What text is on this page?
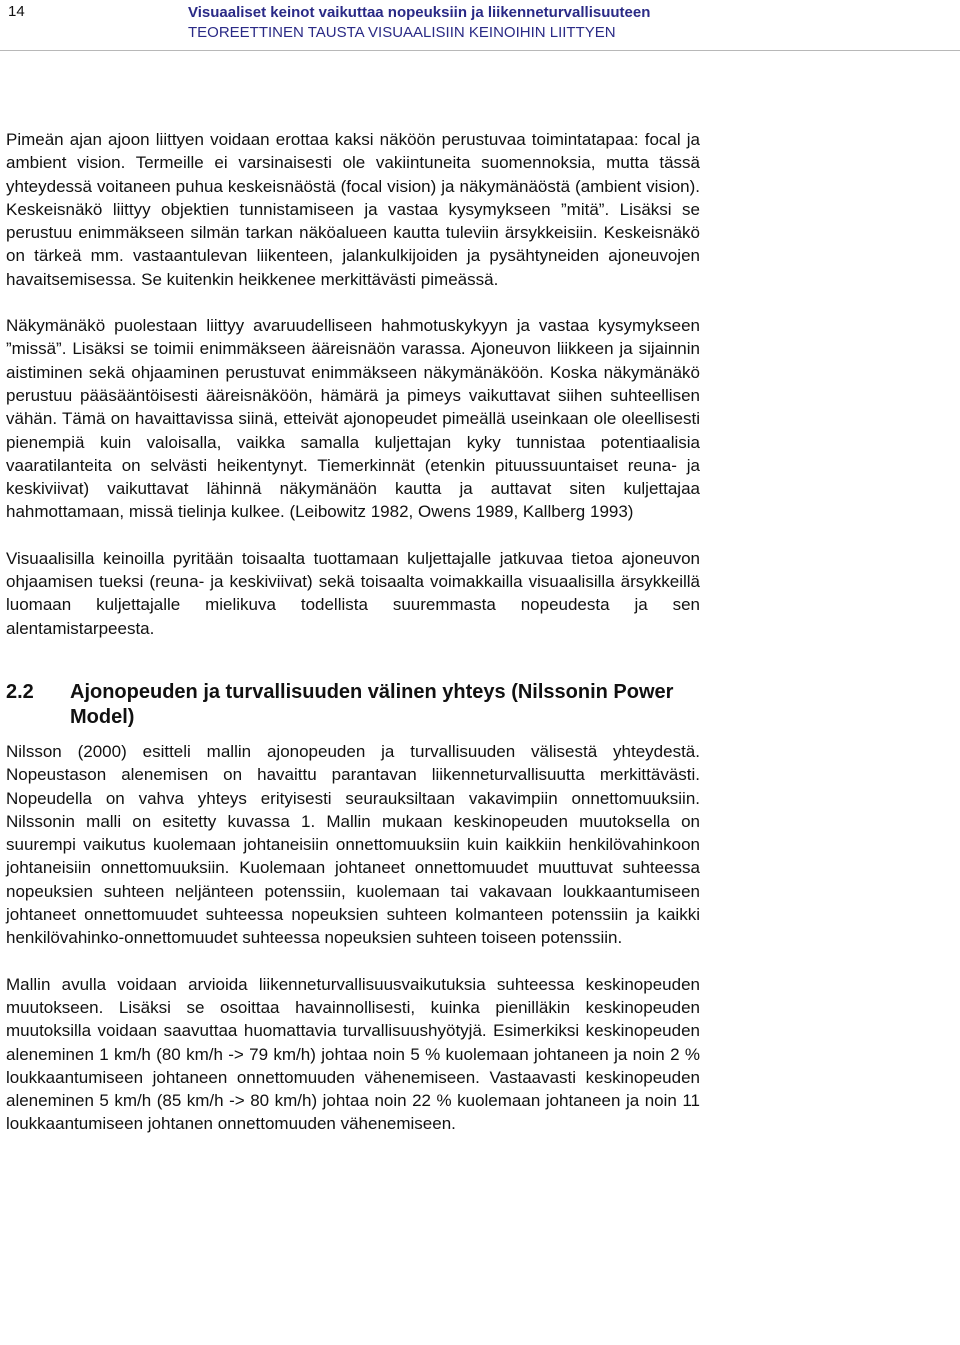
14	Visuaaliset keinot vaikuttaa nopeuksiin ja liikenneturvallisuuteen
TEOREETTINEN TAUSTA VISUAALISIIN KEINOIHIN LIITTYEN

Pimeän ajan ajoon liittyen voidaan erottaa kaksi näköön perustuvaa toimintatapaa: focal ja ambient vision. Termeille ei varsinaisesti ole vakiintuneita suomennoksia, mutta tässä yhteydessä voitaneen puhua keskeisnäöstä (focal vision) ja näkymänäöstä (ambient vision). Keskeisnäkö liittyy objektien tunnistamiseen ja vastaa kysymykseen ”mitä”. Lisäksi se perustuu enimmäkseen silmän tarkan näköalueen kautta tuleviin ärsykkeisiin. Keskeisnäkö on tärkeä mm. vastaantulevan liikenteen, jalankulkijoiden ja pysähtyneiden ajoneuvojen havaitsemisessa. Se kuitenkin heikkenee merkittävästi pimeässä.

Näkymänäkö puolestaan liittyy avaruudelliseen hahmotuskykyyn ja vastaa kysymykseen ”missä”. Lisäksi se toimii enimmäkseen ääreisnäön varassa. Ajoneuvon liikkeen ja sijainnin aistiminen sekä ohjaaminen perustuvat enimmäkseen näkymänäköön. Koska näkymänäkö perustuu pääsääntöisesti ääreisnäköön, hämärä ja pimeys vaikuttavat siihen suhteellisen vähän. Tämä on havaittavissa siinä, etteivät ajonopeudet pimeällä useinkaan ole oleellisesti pienempiä kuin valoisalla, vaikka samalla kuljettajan kyky tunnistaa potentiaalisia vaaratilanteita on selvästi heikentynyt. Tiemerkinnät (etenkin pituussuuntaiset reuna- ja keskiviivat) vaikuttavat lähinnä näkymänäön kautta ja auttavat siten kuljettajaa hahmottamaan, missä tielinja kulkee. (Leibowitz 1982, Owens 1989, Kallberg 1993)

Visuaalisilla keinoilla pyritään toisaalta tuottamaan kuljettajalle jatkuvaa tietoa ajoneuvon ohjaamisen tueksi (reuna- ja keskiviivat) sekä toisaalta voimakkailla visuaalisilla ärsykkeillä luomaan kuljettajalle mielikuva todellista suuremmasta nopeudesta ja sen alentamistarpeesta.

2.2	Ajonopeuden ja turvallisuuden välinen yhteys (Nilssonin Power Model)

Nilsson (2000) esitteli mallin ajonopeuden ja turvallisuuden välisestä yhteydestä. Nopeustason alenemisen on havaittu parantavan liikenneturvallisuutta merkittävästi. Nopeudella on vahva yhteys erityisesti seurauksiltaan vakavimpiin onnettomuuksiin. Nilssonin malli on esitetty kuvassa 1. Mallin mukaan keskinopeuden muutoksella on suurempi vaikutus kuolemaan johtaneisiin onnettomuuksiin kuin kaikkiin henkilövahinkoon johtaneisiin onnettomuuksiin. Kuolemaan johtaneet onnettomuudet muuttuvat suhteessa nopeuksien suhteen neljänteen potenssiin, kuolemaan tai vakavaan loukkaantumiseen johtaneet onnettomuudet suhteessa nopeuksien suhteen kolmanteen potenssiin ja kaikki henkilövahinko-onnettomuudet suhteessa nopeuksien suhteen toiseen potenssiin.

Mallin avulla voidaan arvioida liikenneturvallisuusvaikutuksia suhteessa keskinopeuden muutokseen. Lisäksi se osoittaa havainnollisesti, kuinka pienilläkin keskinopeuden muutoksilla voidaan saavuttaa huomattavia turvallisuushyötyjä. Esimerkiksi keskinopeuden aleneminen 1 km/h (80 km/h -> 79 km/h) johtaa noin 5 % kuolemaan johtaneen ja noin 2 % loukkaantumiseen johtaneen onnettomuuden vähenemiseen. Vastaavasti keskinopeuden aleneminen 5 km/h (85 km/h -> 80 km/h) johtaa noin 22 % kuolemaan johtaneen ja noin 11 loukkaantumiseen johtanen onnettomuuden vähenemiseen.
